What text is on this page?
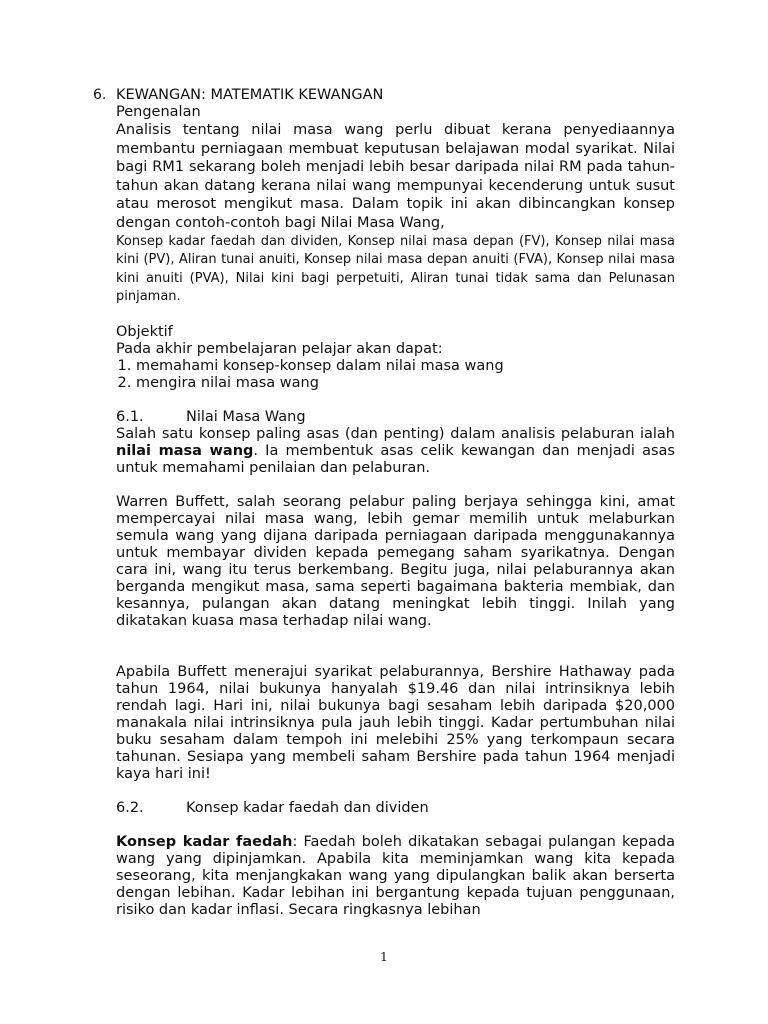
6. KEWANGAN: MATEMATIK KEWANGAN
Pengenalan

Analisis tentang nilai masa wang perlu dibuat kerana penyediaannya membantu perniagaan membuat keputusan belajawan modal syarikat. Nilai bagi RM1 sekarang boleh menjadi lebih besar daripada nilai RM pada tahun-tahun akan datang kerana nilai wang mempunyai kecenderung untuk susut atau merosot mengikut masa. Dalam topik ini akan dibincangkan konsep dengan contoh-contoh bagi Nilai Masa Wang,

Konsep kadar faedah dan dividen, Konsep nilai masa depan (FV), Konsep nilai masa kini (PV), Aliran tunai anuiti, Konsep nilai masa depan anuiti (FVA), Konsep nilai masa kini anuiti (PVA), Nilai kini bagi perpetuiti, Aliran tunai tidak sama dan Pelunasan pinjaman.

Objektif
Pada akhir pembelajaran pelajar akan dapat:
1. memahami konsep-konsep dalam nilai masa wang
2. mengira nilai masa wang
6.1.	Nilai Masa Wang

Salah satu konsep paling asas (dan penting) dalam analisis pelaburan ialah nilai masa wang. Ia membentuk asas celik kewangan dan menjadi asas untuk memahami penilaian dan pelaburan.

Warren Buffett, salah seorang pelabur paling berjaya sehingga kini, amat mempercayai nilai masa wang, lebih gemar memilih untuk melaburkan semula wang yang dijana daripada perniagaan daripada menggunakannya untuk membayar dividen kepada pemegang saham syarikatnya. Dengan cara ini, wang itu terus berkembang. Begitu juga, nilai pelaburannya akan berganda mengikut masa, sama seperti bagaimana bakteria membiak, dan kesannya, pulangan akan datang meningkat lebih tinggi. Inilah yang dikatakan kuasa masa terhadap nilai wang.

Apabila Buffett menerajui syarikat pelaburannya, Bershire Hathaway pada tahun 1964, nilai bukunya hanyalah $19.46 dan nilai intrinsiknya lebih rendah lagi. Hari ini, nilai bukunya bagi sesaham lebih daripada $20,000 manakala nilai intrinsiknya pula jauh lebih tinggi. Kadar pertumbuhan nilai buku sesaham dalam tempoh ini melebihi 25% yang terkompaun secara tahunan. Sesiapa yang membeli saham Bershire pada tahun 1964 menjadi kaya hari ini!

6.2.	Konsep kadar faedah dan dividen

Konsep kadar faedah: Faedah boleh dikatakan sebagai pulangan kepada wang yang dipinjamkan. Apabila kita meminjamkan wang kita kepada seseorang, kita menjangkakan wang yang dipulangkan balik akan berserta dengan lebihan. Kadar lebihan ini bergantung kepada tujuan penggunaan, risiko dan kadar inflasi. Secara ringkasnya lebihan

1
